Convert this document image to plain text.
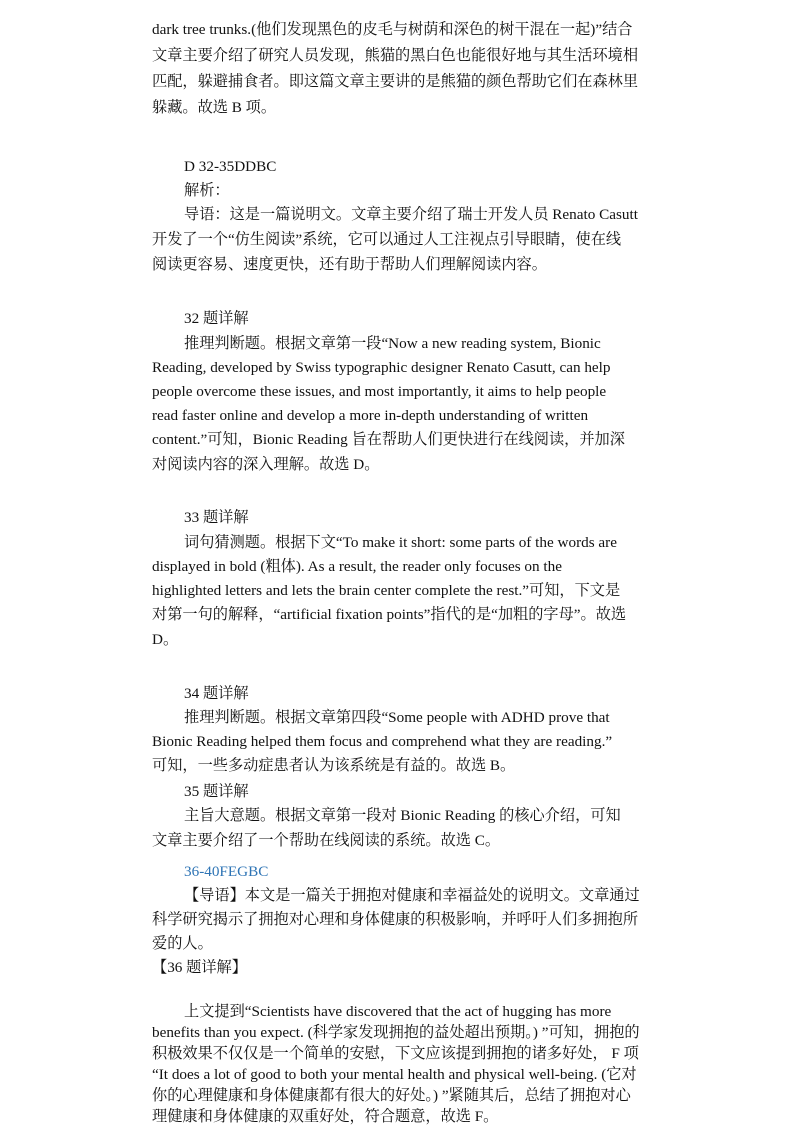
dark tree trunks.(他们发现黑色的皮毛与树荫和深色的树干混在一起)”结合

文章主要介绍了研究人员发现，熊猫的黑白色也能很好地与其生活环境相

匹配，躲避捕食者。即这篇文章主要讲的是熊猫的颜色帮助它们在森林里

躲藏。故选 B 项。

D 32-35DDBC

解析：

导语：这是一篇说明文。文章主要介绍了瑞士开发人员 Renato Casutt

开发了一个“仿生阅读”系统，它可以通过人工注视点引导眼睛，使在线

阅读更容易、速度更快，还有助于帮助人们理解阅读内容。

32 题详解

推理判断题。根据文章第一段“Now a new reading system, Bionic

Reading, developed by Swiss typographic designer Renato Casutt, can help

people overcome these issues, and most importantly, it aims to help people

read faster online and develop a more in-depth understanding of written

content.”可知，Bionic Reading 旨在帮助人们更快进行在线阅读，并加深

对阅读内容的深入理解。故选 D。

33 题详解

词句猜测题。根据下文“To make it short: some parts of the words are

displayed in bold (粗体). As a result, the reader only focuses on the

highlighted letters and lets the brain center complete the rest.”可知，下文是

对第一句的解释，“artificial fixation points”指代的是“加粗的字母”。故选

D。

34 题详解

推理判断题。根据文章第四段“Some people with ADHD prove that

Bionic Reading helped them focus and comprehend what they are reading.”

可知，一些多动症患者认为该系统是有益的。故选 B。

35 题详解

主旨大意题。根据文章第一段对 Bionic Reading 的核心介绍，可知

文章主要介绍了一个帮助在线阅读的系统。故选 C。

36-40FEGBC

【导语】本文是一篇关于拥抱对健康和幸福益处的说明文。文章通过

科学研究揭示了拥抱对心理和身体健康的积极影响，并呼吁人们多拥抱所

爱的人。

【36 题详解】

上文提到“Scientists have discovered that the act of hugging has more

benefits than you expect. (科学家发现拥抱的益处超出预期。) ”可知，拥抱的

积极效果不仅仅是一个简单的安慰，下文应该提到拥抱的诸多好处， F 项

“It does a lot of good to both your mental health and physical well-being. (它对

你的心理健康和身体健康都有很大的好处。) ”紧随其后，总结了拥抱对心

理健康和身体健康的双重好处，符合题意，故选 F。
